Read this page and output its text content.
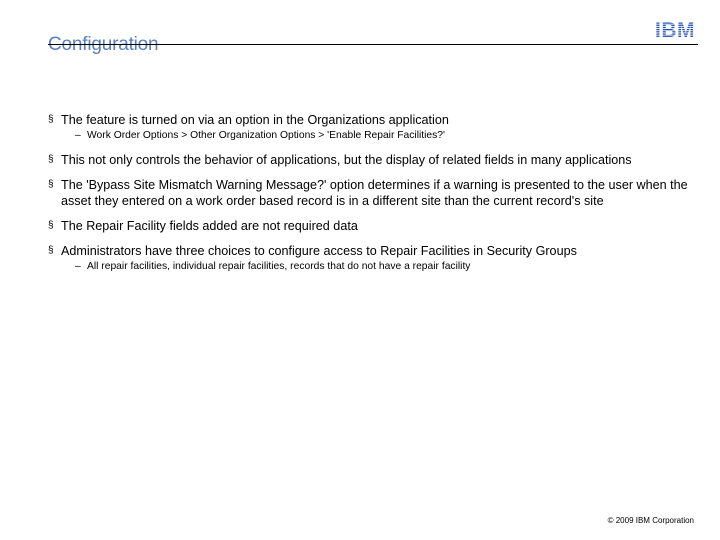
Configuration
IBM
§ The feature is turned on via an option in the Organizations application
– Work Order Options > Other Organization Options > 'Enable Repair Facilities?'
§ This not only controls the behavior of applications, but the display of related fields in many applications
§ The 'Bypass Site Mismatch Warning Message?' option determines if a warning is presented to the user when the asset they entered on a work order based record is in a different site than the current record's site
§ The Repair Facility fields added are not required data
§ Administrators have three choices to configure access to Repair Facilities in Security Groups
– All repair facilities, individual repair facilities, records that do not have a repair facility
© 2009 IBM Corporation
